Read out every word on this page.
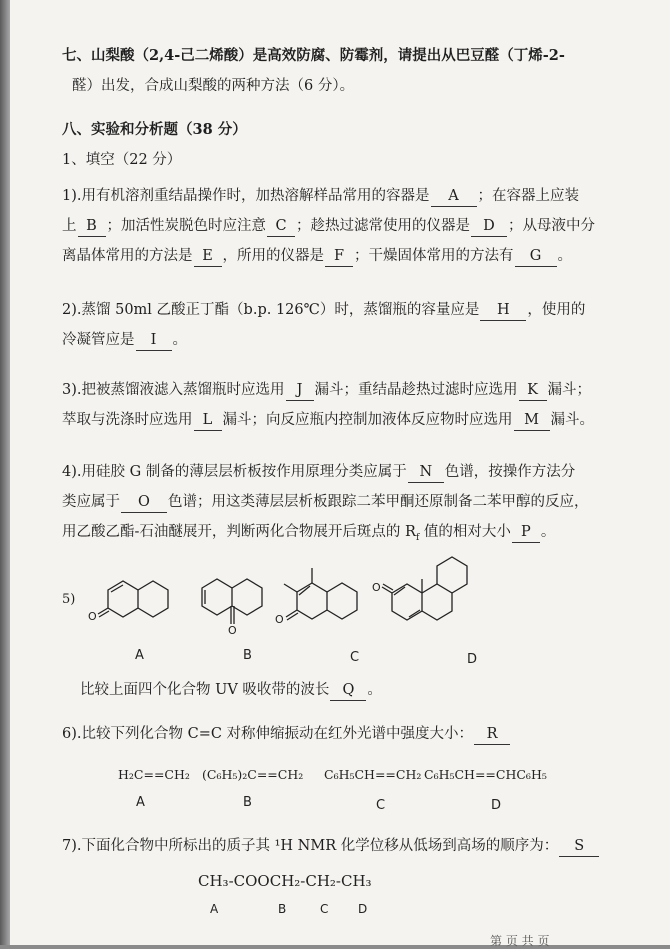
七、山梨酸（2,4-己二烯酸）是高效防腐、防霉剂，请提出从巴豆醛（丁烯-2-
醛）出发，合成山梨酸的两种方法（6 分）。
八、实验和分析题（38 分）
1、填空（22 分）
1).用有机溶剂重结晶操作时，加热溶解样品常用的容器是 A ；在容器上应装
上 B ；加活性炭脱色时应注意 C ；趁热过滤常使用的仪器是 D ；从母液中分
离晶体常用的方法是 E ，所用的仪器是 F ；干燥固体常用的方法有 G 。
2).蒸馏 50ml 乙酸正丁酯（b.p. 126℃）时，蒸馏瓶的容量应是 H ，使用的
冷凝管应是 I 。
3).把被蒸馏液滤入蒸馏瓶时应选用 J 漏斗；重结晶趁热过滤时应选用 K 漏斗；
萃取与洗涤时应选用 L 漏斗；向反应瓶内控制加液体反应物时应选用 M 漏斗。
4).用硅胶 G 制备的薄层层析板按作用原理分类应属于 N 色谱，按操作方法分
类应属于 O 色谱；用这类薄层层析板跟踪二苯甲酮还原制备二苯甲醇的反应，
用乙酸乙酯-石油醚展开，判断两化合物展开后斑点的 $R_f$ 值的相对大小 P 。
5)
O
O
O
O
A	B	C	D
比较上面四个化合物 UV 吸收带的波长 Q 。
6).比较下列化合物 C=C 对称伸缩振动在红外光谱中强度大小： R
H₂C==CH₂ (C₆H₅)₂C==CH₂ C₆H₅CH==CH₂ C₆H₅CH==CHC₆H₅
A	B	C	D
7).下面化合物中所标出的质子其 ¹H NMR 化学位移从低场到高场的顺序为： S
CH₃-COOCH₂-CH₂-CH₃
A	B	C D
第 页 共 页
